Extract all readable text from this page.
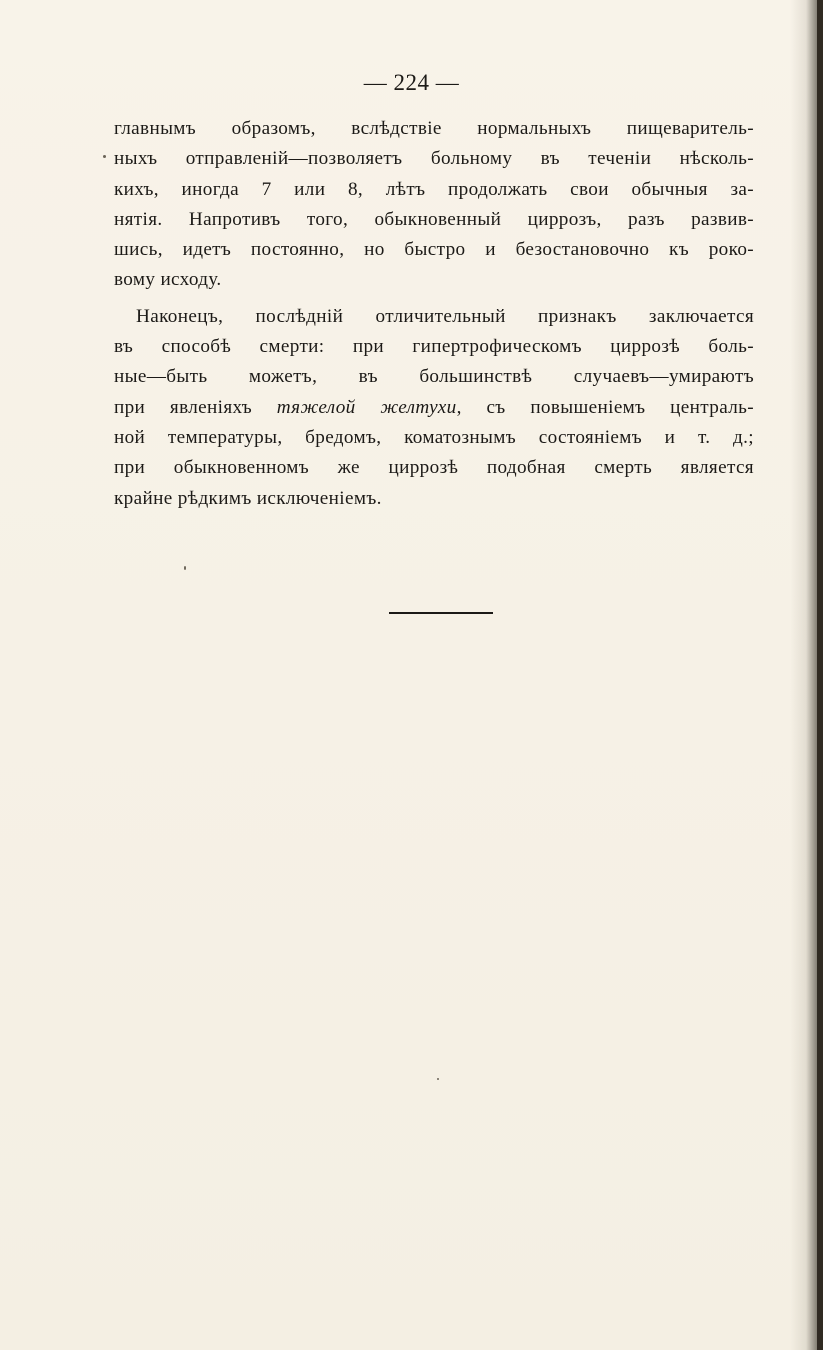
— 224 —
главнымъ образомъ, вслѣдствіе нормальныхъ пищеваритель-
ныхъ отправленій—позволяетъ больному въ теченіи нѣсколь-
кихъ, иногда 7 или 8, лѣтъ продолжать свои обычныя за-
нятія. Напротивъ того, обыкновенный циррозъ, разъ развив-
шись, идетъ постоянно, но быстро и безостановочно къ роко-
вому исходу.
Наконецъ, послѣдній отличительный признакъ заключается
въ способѣ смерти: при гипертрофическомъ циррозѣ боль-
ные—быть можетъ, въ большинствѣ случаевъ—умираютъ
при явленіяхъ тяжелой желтухи, съ повышеніемъ централь-
ной температуры, бредомъ, коматознымъ состояніемъ и т. д.;
при обыкновенномъ же циррозѣ подобная смерть является
крайне рѣдкимъ исключеніемъ.
